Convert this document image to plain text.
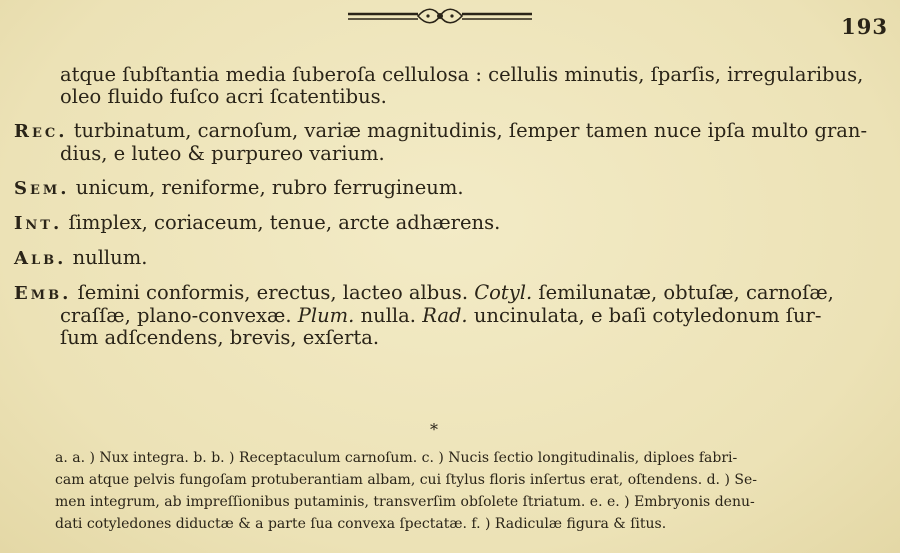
193
atque ſubſtantia media ſuberoſa cellulosa : cellulis minutis, ſparſis, irregularibus,
oleo fluido fuſco acri ſcatentibus.
Rec. turbinatum, carnoſum, variæ magnitudinis, ſemper tamen nuce ipſa multo gran-
dius, e luteo & purpureo varium.
Sem. unicum, reniforme, rubro ferrugineum.
Int. ſimplex, coriaceum, tenue, arcte adhærens.
Alb. nullum.
Emb. ſemini conformis, erectus, lacteo albus. Cotyl. ſemilunatæ, obtuſæ, carnoſæ,
craſſæ, plano-convexæ. Plum. nulla. Rad. uncinulata, e baſi cotyledonum ſur-
ſum adſcendens, brevis, exſerta.
*
a. a. ) Nux integra. b. b. ) Receptaculum carnoſum. c. ) Nucis ſectio longitudinalis, diploes fabri-
cam atque pelvis fungoſam protuberantiam albam, cui ſtylus floris inſertus erat, oſtendens. d. ) Se-
men integrum, ab impreſſionibus putaminis, transverſim obſolete ſtriatum. e. e. ) Embryonis denu-
dati cotyledones diductæ & a parte ſua convexa ſpectatæ. f. ) Radiculæ figura & ſitus.
